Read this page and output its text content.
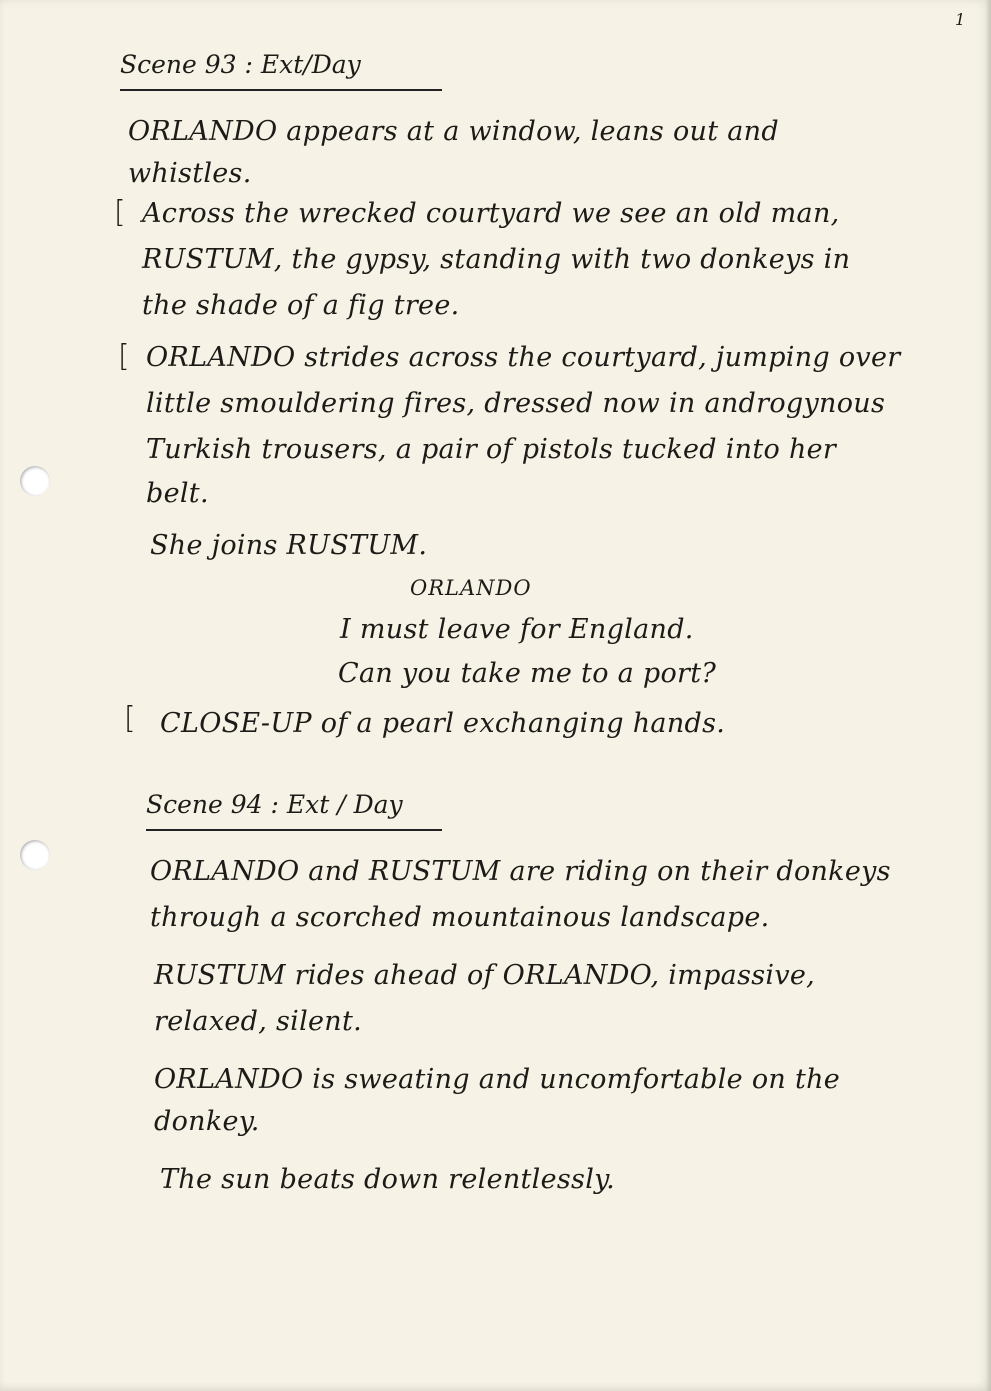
1
Scene 93 : Ext/Day
ORLANDO appears at a window, leans out and
whistles.
[ Across the wrecked courtyard we see an old man,
RUSTUM, the gypsy, standing with two donkeys in
the shade of a fig tree.
[ ORLANDO strides across the courtyard, jumping over
little smouldering fires, dressed now in androgynous
Turkish trousers, a pair of pistols tucked into her
belt.
She joins RUSTUM.
ORLANDO
I must leave for England.
Can you take me to a port?
[ CLOSE-UP of a pearl exchanging hands.
Scene 94 : Ext / Day
ORLANDO and RUSTUM are riding on their donkeys
through a scorched mountainous landscape.
RUSTUM rides ahead of ORLANDO, impassive,
relaxed, silent.
ORLANDO is sweating and uncomfortable on the
donkey.
The sun beats down relentlessly.
